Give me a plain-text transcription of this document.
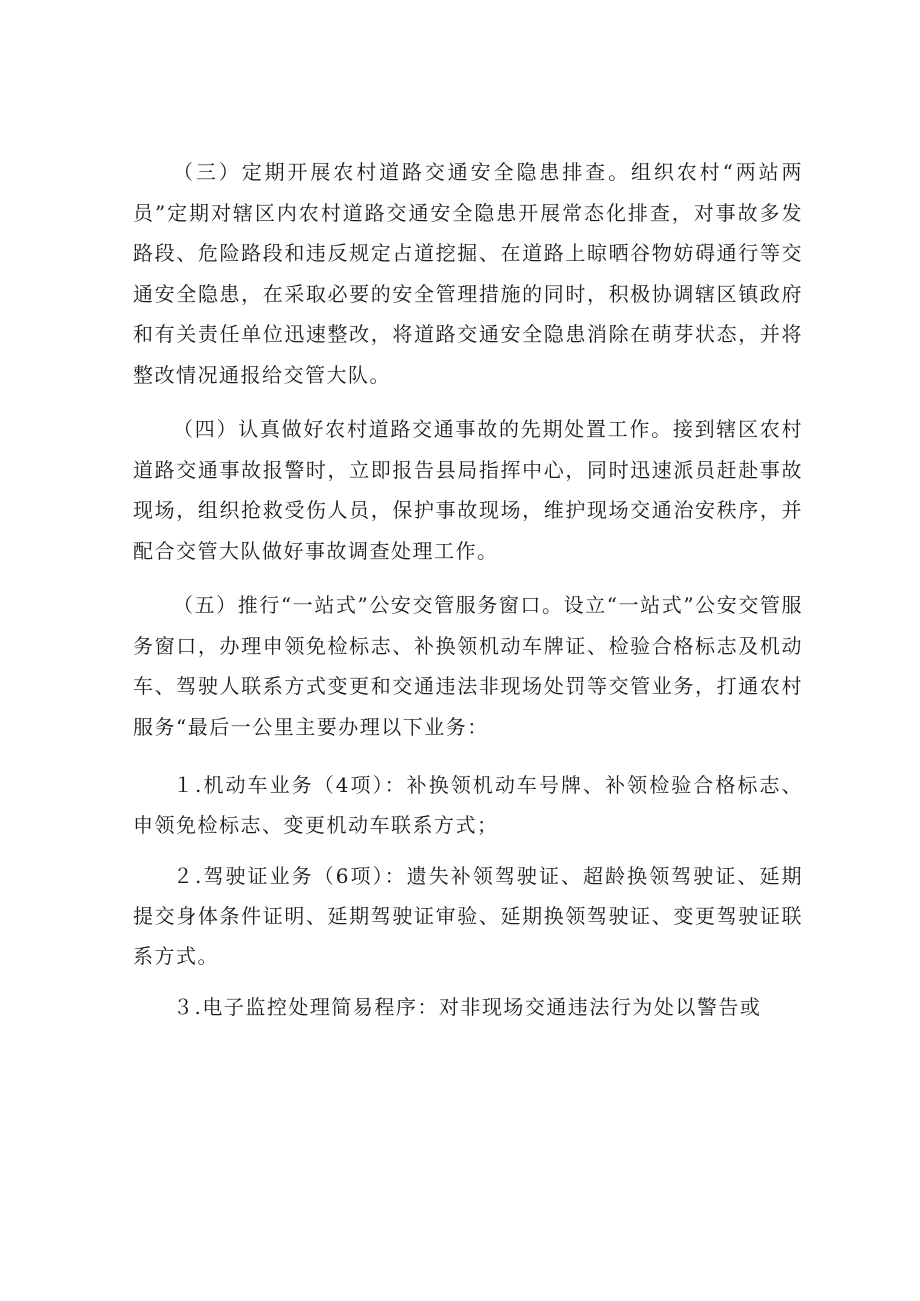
（三）定期开展农村道路交通安全隐患排查。组织农村“两站两员”定期对辖区内农村道路交通安全隐患开展常态化排查，对事故多发路段、危险路段和违反规定占道挖掘、在道路上晾晒谷物妨碍通行等交通安全隐患，在采取必要的安全管理措施的同时，积极协调辖区镇政府和有关责任单位迅速整改，将道路交通安全隐患消除在萌芽状态，并将整改情况通报给交管大队。

（四）认真做好农村道路交通事故的先期处置工作。接到辖区农村道路交通事故报警时，立即报告县局指挥中心，同时迅速派员赶赴事故现场，组织抢救受伤人员，保护事故现场，维护现场交通治安秩序，并配合交管大队做好事故调查处理工作。

（五）推行“一站式”公安交管服务窗口。设立“一站式”公安交管服务窗口，办理申领免检标志、补换领机动车牌证、检验合格标志及机动车、驾驶人联系方式变更和交通违法非现场处罚等交管业务，打通农村服务“最后一公里主要办理以下业务：

１.机动车业务（4项）：补换领机动车号牌、补领检验合格标志、申领免检标志、变更机动车联系方式；

２.驾驶证业务（6项）：遗失补领驾驶证、超龄换领驾驶证、延期提交身体条件证明、延期驾驶证审验、延期换领驾驶证、变更驾驶证联系方式。

３.电子监控处理简易程序：对非现场交通违法行为处以警告或
